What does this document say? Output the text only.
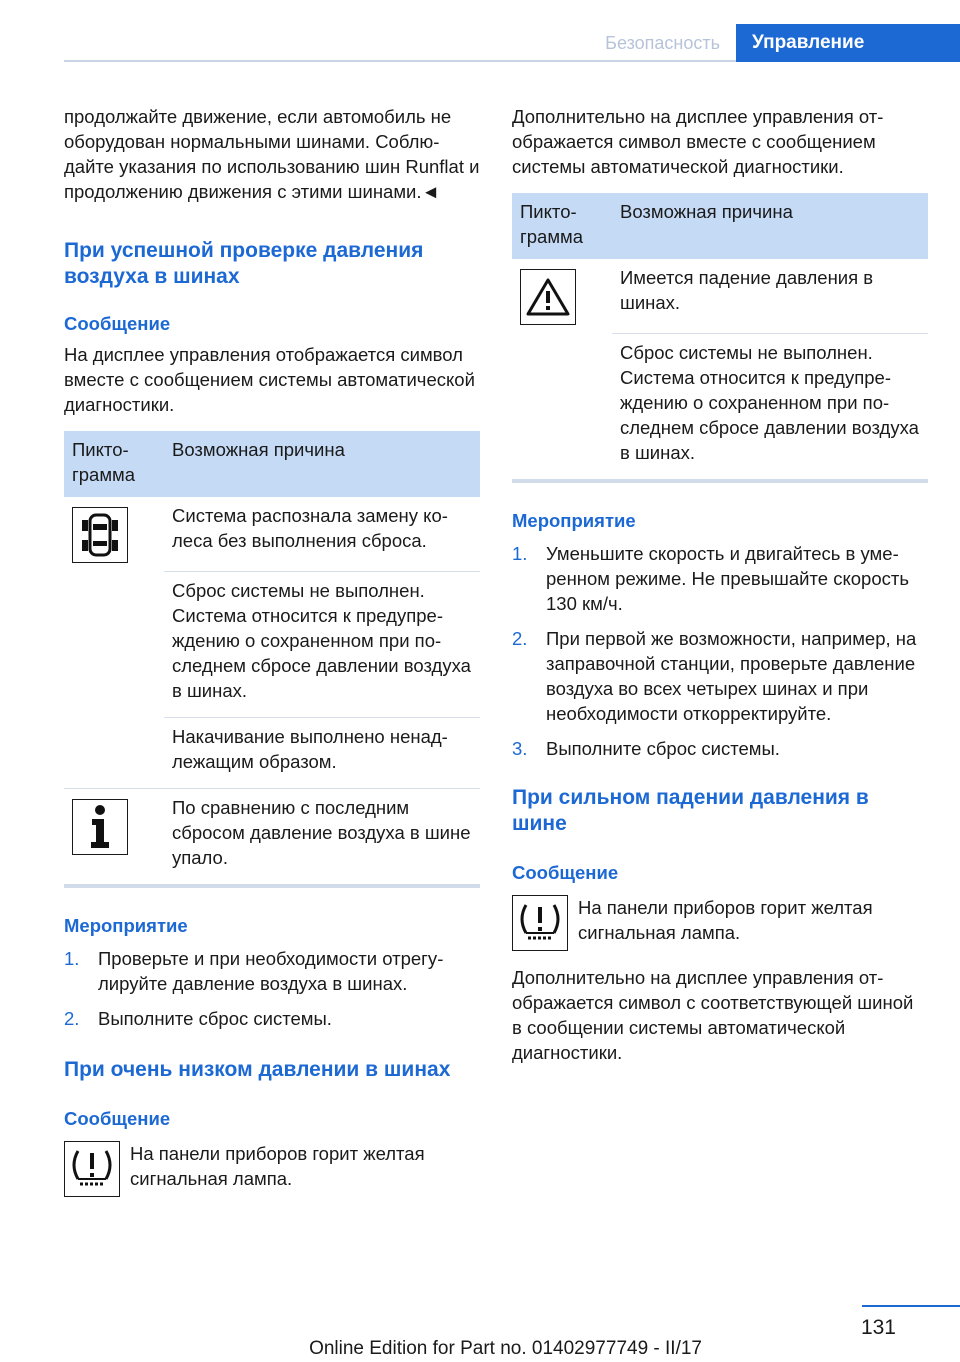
Безопасность	Управление

продолжайте движение, если автомобиль не оборудован нормальными шинами. Соблюдайте указания по использованию шин Runflat и продолжению движения с этими шинами.◄

При успешной проверке давления воздуха в шинах
Сообщение

На дисплее управления отображается символ вместе с сообщением системы автоматической диагностики.

Пиктограмма	Возможная причина

	Система распознала замену колеса без выполнения сброса.
	Сброс системы не выполнен. Система относится к предупреждению о сохраненном при последнем сбросе давлении воздуха в шинах.
	Накачивание выполнено ненадлежащим образом.

	По сравнению с последним сбросом давление воздуха в шине упало.
Мероприятие
1. Проверьте и при необходимости отрегулируйте давление воздуха в шинах.
2. Выполните сброс системы.
При очень низком давлении в шинах
Сообщение

На панели приборов горит желтая сигнальная лампа.

Дополнительно на дисплее управления отображается символ вместе с сообщением системы автоматической диагностики.

Пиктограмма	Возможная причина

	Имеется падение давления в шинах.
	Сброс системы не выполнен. Система относится к предупреждению о сохраненном при последнем сбросе давлении воздуха в шинах.
Мероприятие
1. Уменьшите скорость и двигайтесь в умеренном режиме. Не превышайте скорость 130 км/ч.
2. При первой же возможности, например, на заправочной станции, проверьте давление воздуха во всех четырех шинах и при необходимости откорректируйте.
3. Выполните сброс системы.
При сильном падении давления в шине
Сообщение

На панели приборов горит желтая сигнальная лампа.

Дополнительно на дисплее управления отображается символ с соответствующей шиной в сообщении системы автоматической диагностики.

131
Online Edition for Part no. 01402977749 - II/17
